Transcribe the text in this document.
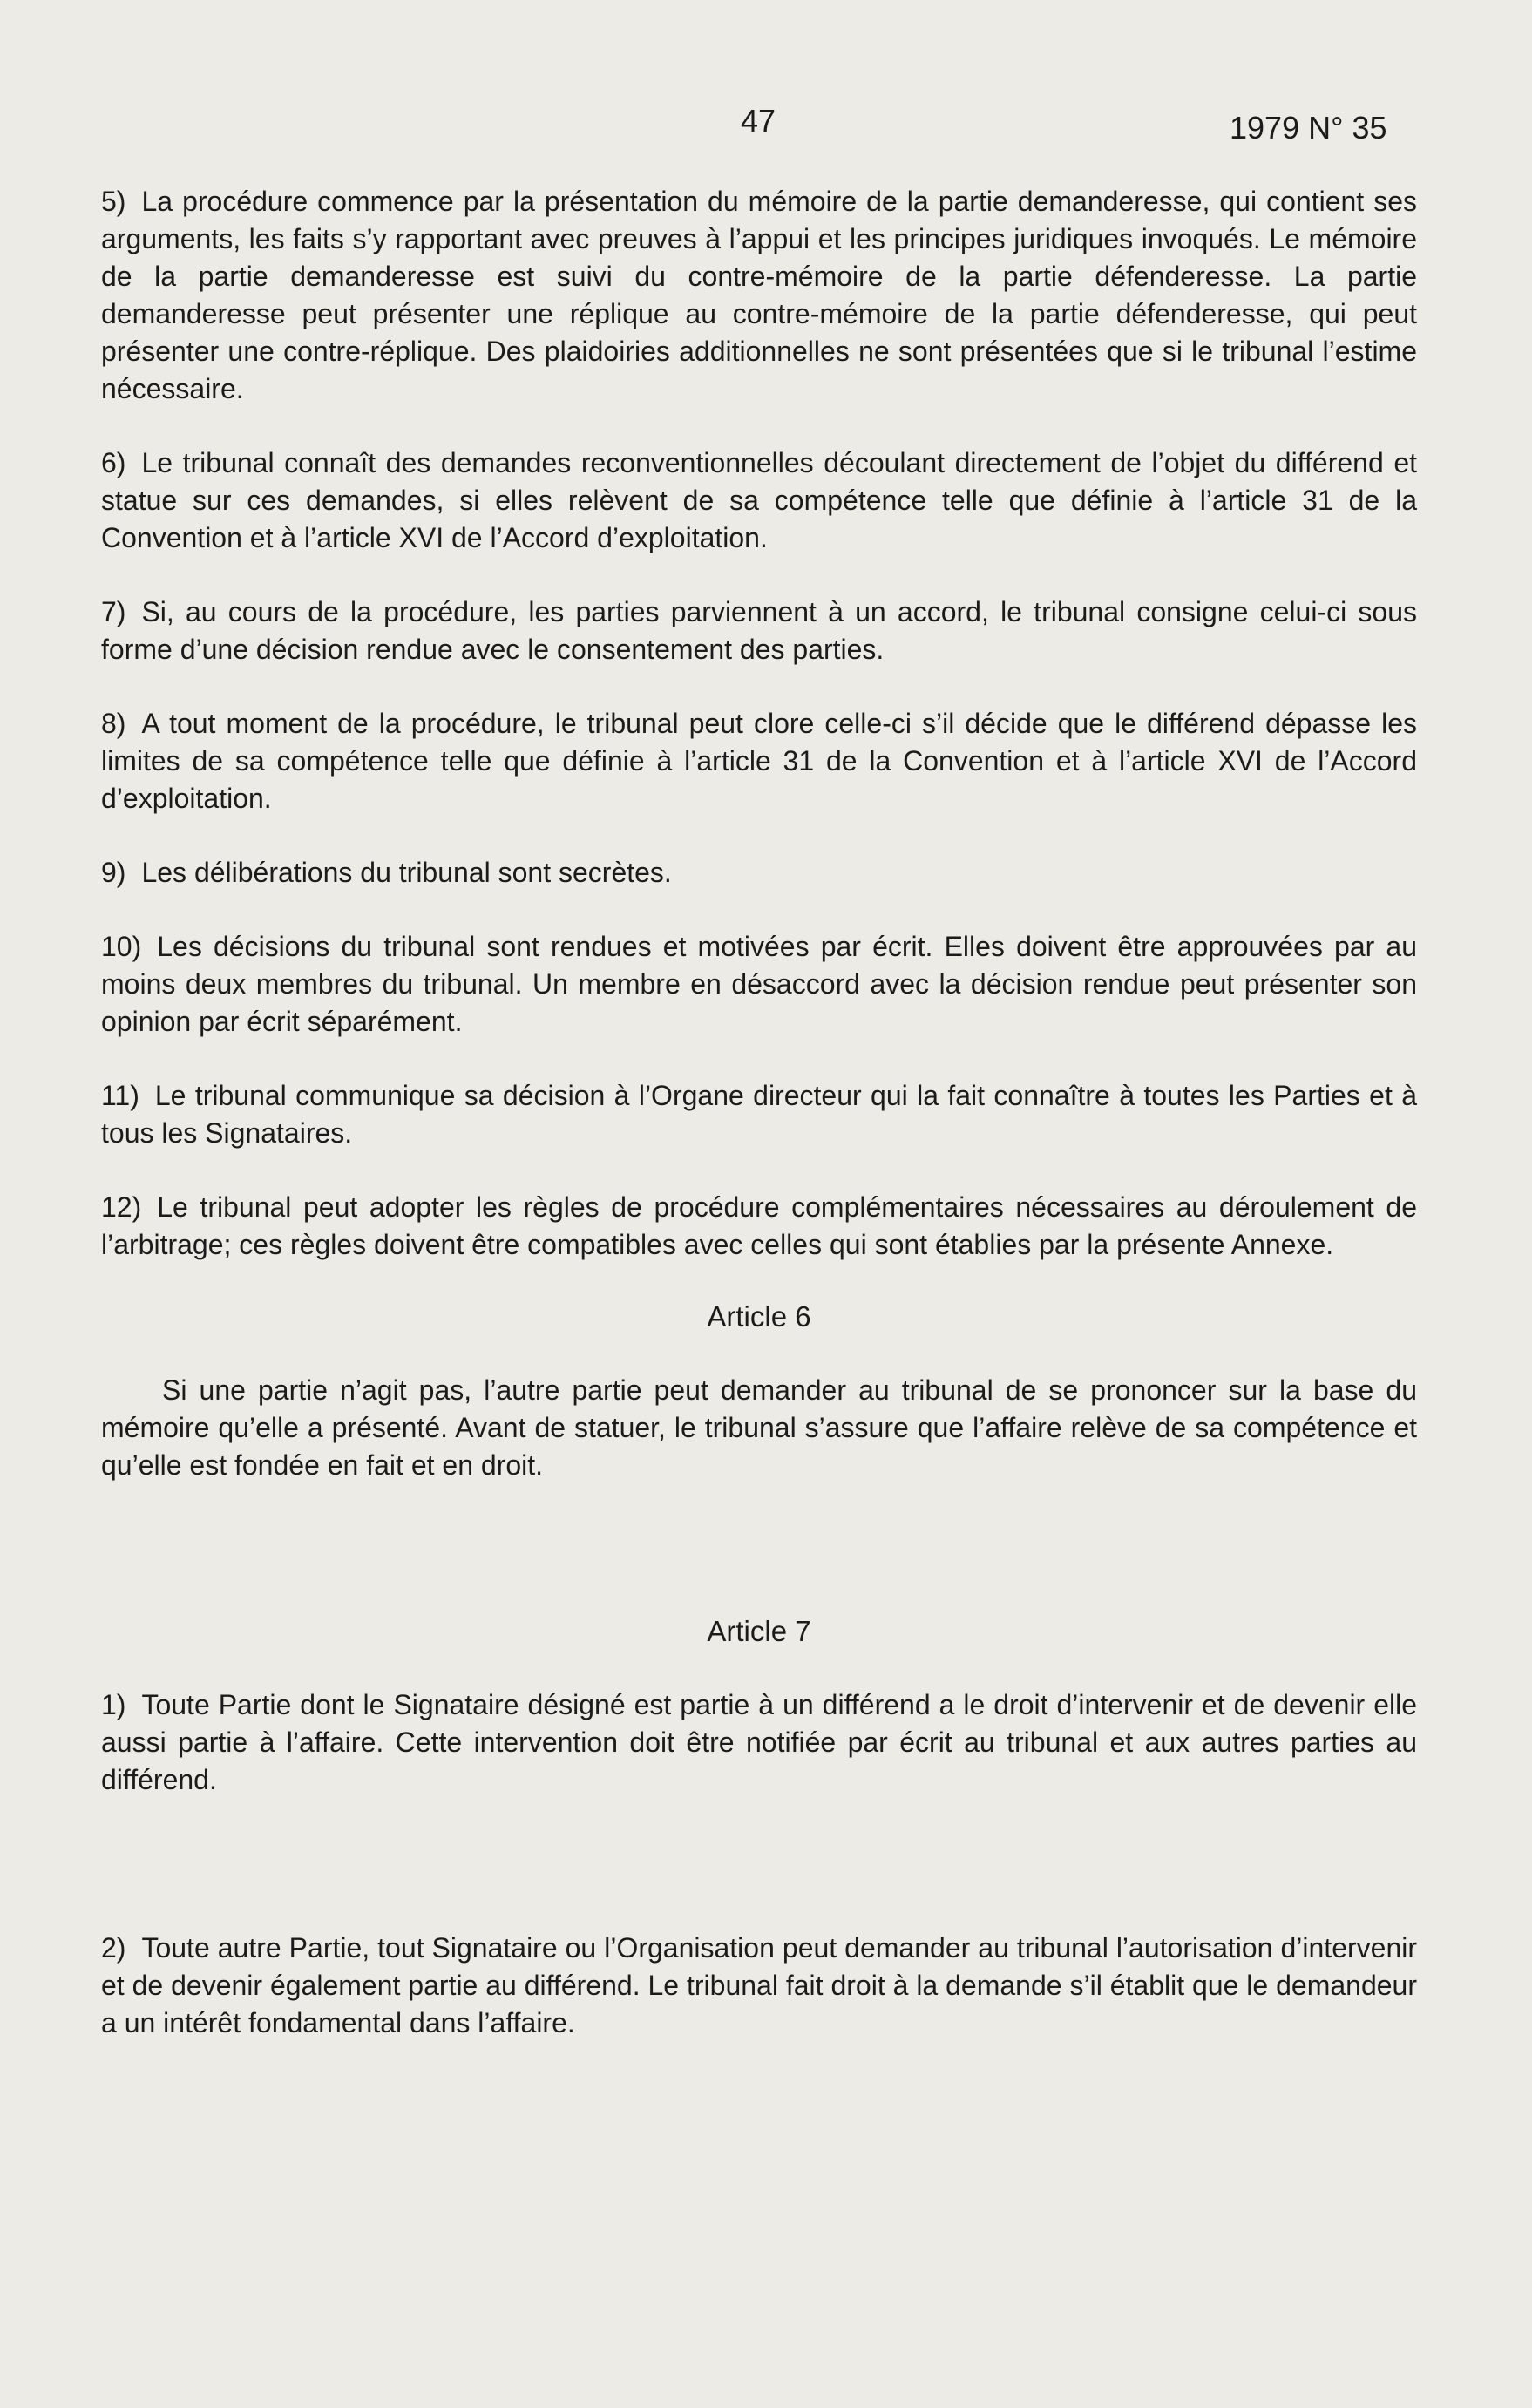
47	1979 N° 35

5) La procédure commence par la présentation du mémoire de la partie demanderesse, qui contient ses arguments, les faits s’y rapportant avec preuves à l’appui et les principes juridiques invoqués. Le mémoire de la partie demanderesse est suivi du contre-mémoire de la partie défenderesse. La partie demanderesse peut présenter une réplique au contre-mémoire de la partie défenderesse, qui peut présenter une contre-réplique. Des plaidoiries additionnelles ne sont présentées que si le tribunal l’estime nécessaire.

6) Le tribunal connaît des demandes reconventionnelles découlant directement de l’objet du différend et statue sur ces demandes, si elles relèvent de sa compétence telle que définie à l’article 31 de la Convention et à l’article XVI de l’Accord d’exploitation.

7) Si, au cours de la procédure, les parties parviennent à un accord, le tribunal consigne celui-ci sous forme d’une décision rendue avec le consentement des parties.

8) A tout moment de la procédure, le tribunal peut clore celle-ci s’il décide que le différend dépasse les limites de sa compétence telle que définie à l’article 31 de la Convention et à l’article XVI de l’Accord d’exploitation.

9) Les délibérations du tribunal sont secrètes.

10) Les décisions du tribunal sont rendues et motivées par écrit. Elles doivent être approuvées par au moins deux membres du tribunal. Un membre en désaccord avec la décision rendue peut présenter son opinion par écrit séparément.

11) Le tribunal communique sa décision à l’Organe directeur qui la fait connaître à toutes les Parties et à tous les Signataires.

12) Le tribunal peut adopter les règles de procédure complémentaires nécessaires au déroulement de l’arbitrage; ces règles doivent être compatibles avec celles qui sont établies par la présente Annexe.

Article 6

Si une partie n’agit pas, l’autre partie peut demander au tribunal de se prononcer sur la base du mémoire qu’elle a présenté. Avant de statuer, le tribunal s’assure que l’affaire relève de sa compétence et qu’elle est fondée en fait et en droit.

Article 7

1) Toute Partie dont le Signataire désigné est partie à un différend a le droit d’intervenir et de devenir elle aussi partie à l’affaire. Cette intervention doit être notifiée par écrit au tribunal et aux autres parties au différend.

2) Toute autre Partie, tout Signataire ou l’Organisation peut demander au tribunal l’autorisation d’intervenir et de devenir également partie au différend. Le tribunal fait droit à la demande s’il établit que le demandeur a un intérêt fondamental dans l’affaire.
